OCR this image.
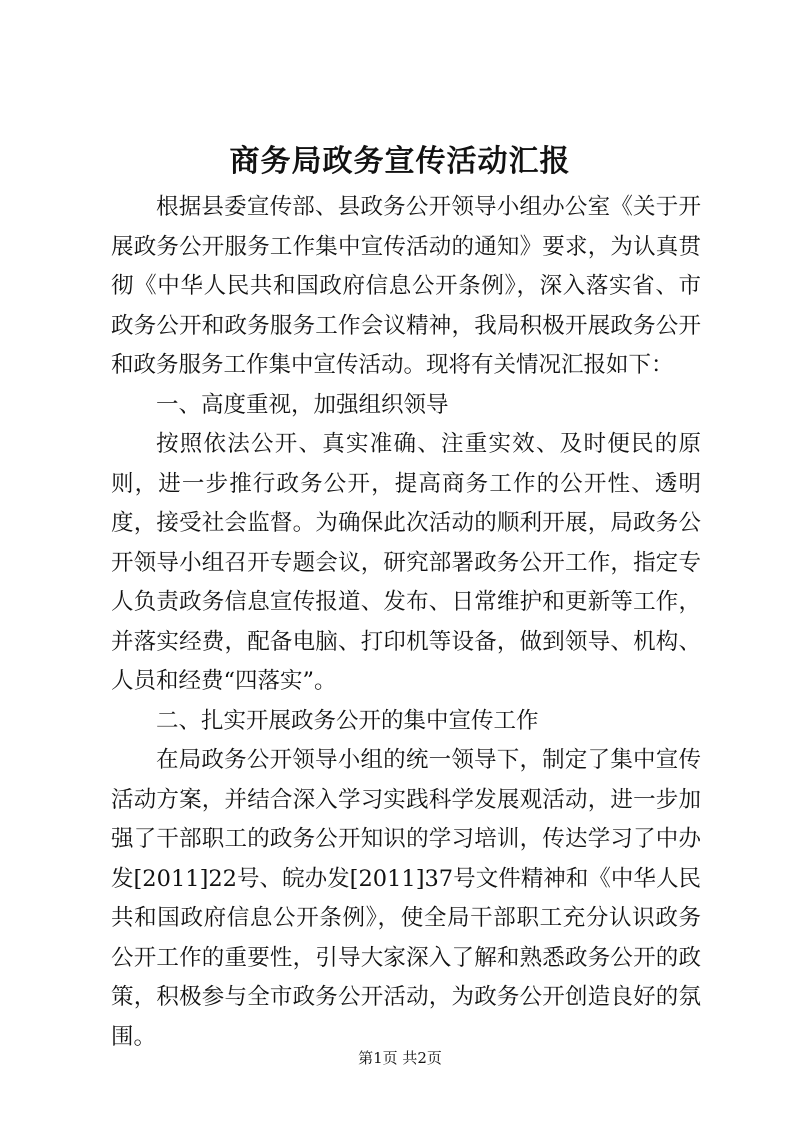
商务局政务宣传活动汇报

根据县委宣传部、县政务公开领导小组办公室《关于开展政务公开服务工作集中宣传活动的通知》要求，为认真贯彻《中华人民共和国政府信息公开条例》，深入落实省、市政务公开和政务服务工作会议精神，我局积极开展政务公开和政务服务工作集中宣传活动。现将有关情况汇报如下：

一、高度重视，加强组织领导

按照依法公开、真实准确、注重实效、及时便民的原则，进一步推行政务公开，提高商务工作的公开性、透明度，接受社会监督。为确保此次活动的顺利开展，局政务公开领导小组召开专题会议，研究部署政务公开工作，指定专人负责政务信息宣传报道、发布、日常维护和更新等工作，并落实经费，配备电脑、打印机等设备，做到领导、机构、人员和经费“四落实”。

二、扎实开展政务公开的集中宣传工作

在局政务公开领导小组的统一领导下，制定了集中宣传活动方案，并结合深入学习实践科学发展观活动，进一步加强了干部职工的政务公开知识的学习培训，传达学习了中办发[2011]22号、皖办发[2011]37号文件精神和《中华人民共和国政府信息公开条例》，使全局干部职工充分认识政务公开工作的重要性，引导大家深入了解和熟悉政务公开的政策，积极参与全市政务公开活动，为政务公开创造良好的氛围。

第1页 共2页
